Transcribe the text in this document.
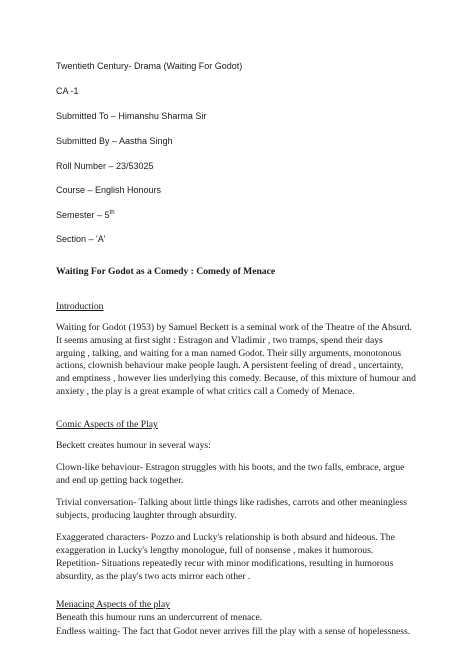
Twentieth Century- Drama (Waiting For Godot)
CA -1
Submitted To – Himanshu Sharma Sir
Submitted By – Aastha Singh
Roll Number – 23/53025
Course – English Honours
Semester – 5th
Section – 'A'
Waiting For Godot as a Comedy : Comedy of Menace
Introduction
Waiting for Godot (1953) by Samuel Beckett is a seminal work of the Theatre of the Absurd.
It seems amusing at first sight : Estragon and Vladimir , two tramps, spend their days
arguing , talking, and waiting for a man named Godot. Their silly arguments, monotonous
actions, clownish behaviour make people laugh. A persistent feeling of dread , uncertainty,
and emptiness , however lies underlying this comedy. Because, of this mixture of humour and
anxiety , the play is a great example of what critics call a Comedy of Menace.
Comic Aspects of the Play
Beckett creates humour in several ways:
Clown-like behaviour- Estragon struggles with his boots, and the two falls, embrace, argue
and end up getting back together.
Trivial conversation- Talking about little things like radishes, carrots and other meaningless
subjects, producing laughter through absurdity.
Exaggerated characters- Pozzo and Lucky's relationship is both absurd and hideous. The
exaggeration in Lucky's lengthy monologue, full of nonsense , makes it humorous.
Repetition- Situations repeatedly recur with minor modifications, resulting in humorous
absurdity, as the play's two acts mirror each other .
Menacing Aspects of the play
Beneath this humour runs an undercurrent of menace.
Endless waiting- The fact that Godot never arrives fill the play with a sense of hopelessness.
